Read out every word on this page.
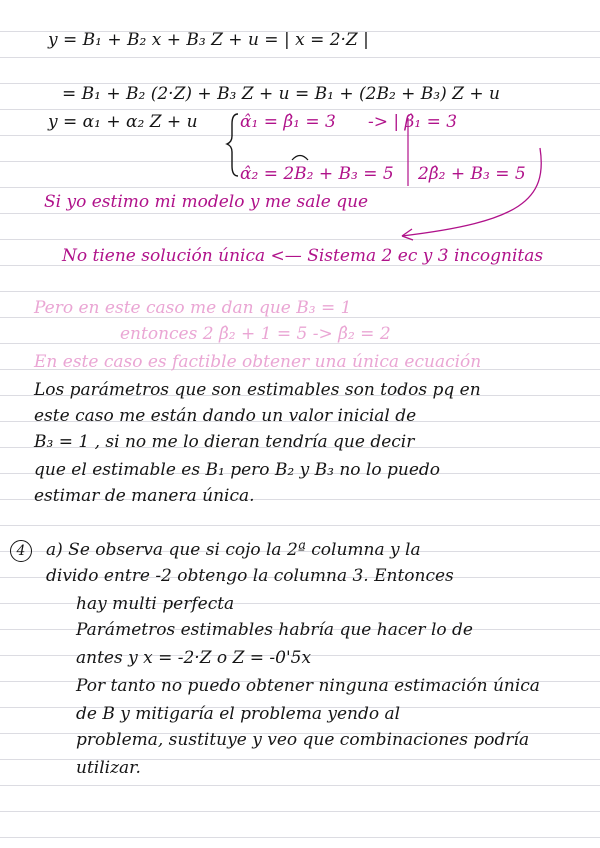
y = B₁ + B₂ x + B₃ Z + u = | x = 2·Z |
= B₁ + B₂ (2·Z) + B₃ Z + u = B₁ + (2B₂ + B₃) Z + u
y = α₁ + α₂ Z + u α̂₁ = β̂₁ = 3 -> | β̂₁ = 3
α̂₂ = 2B₂ + B₃ = 5 2β̂₂ + B₃ = 5
Si yo estimo mi modelo y me sale que
No tiene solución única <— Sistema 2 ec y 3 incognitas
Pero en este caso me dan que B₃ = 1
entonces 2 β̂₂ + 1 = 5 -> β̂₂ = 2
En este caso es factible obtener una única ecuación
Los parámetros que son estimables son todos pq en
este caso me están dando un valor inicial de
B₃ = 1 , si no me lo dieran tendría que decir
que el estimable es B₁ pero B₂ y B₃ no lo puedo
estimar de manera única.
4	a) Se observa que si cojo la 2ª columna y la
divido entre -2 obtengo la columna 3. Entonces
hay multi perfecta
Parámetros estimables habría que hacer lo de
antes y x = -2·Z o Z = -0'5x
Por tanto no puedo obtener ninguna estimación única
de B y mitigaría el problema yendo al
problema, sustituye y veo que combinaciones podría
utilizar.
